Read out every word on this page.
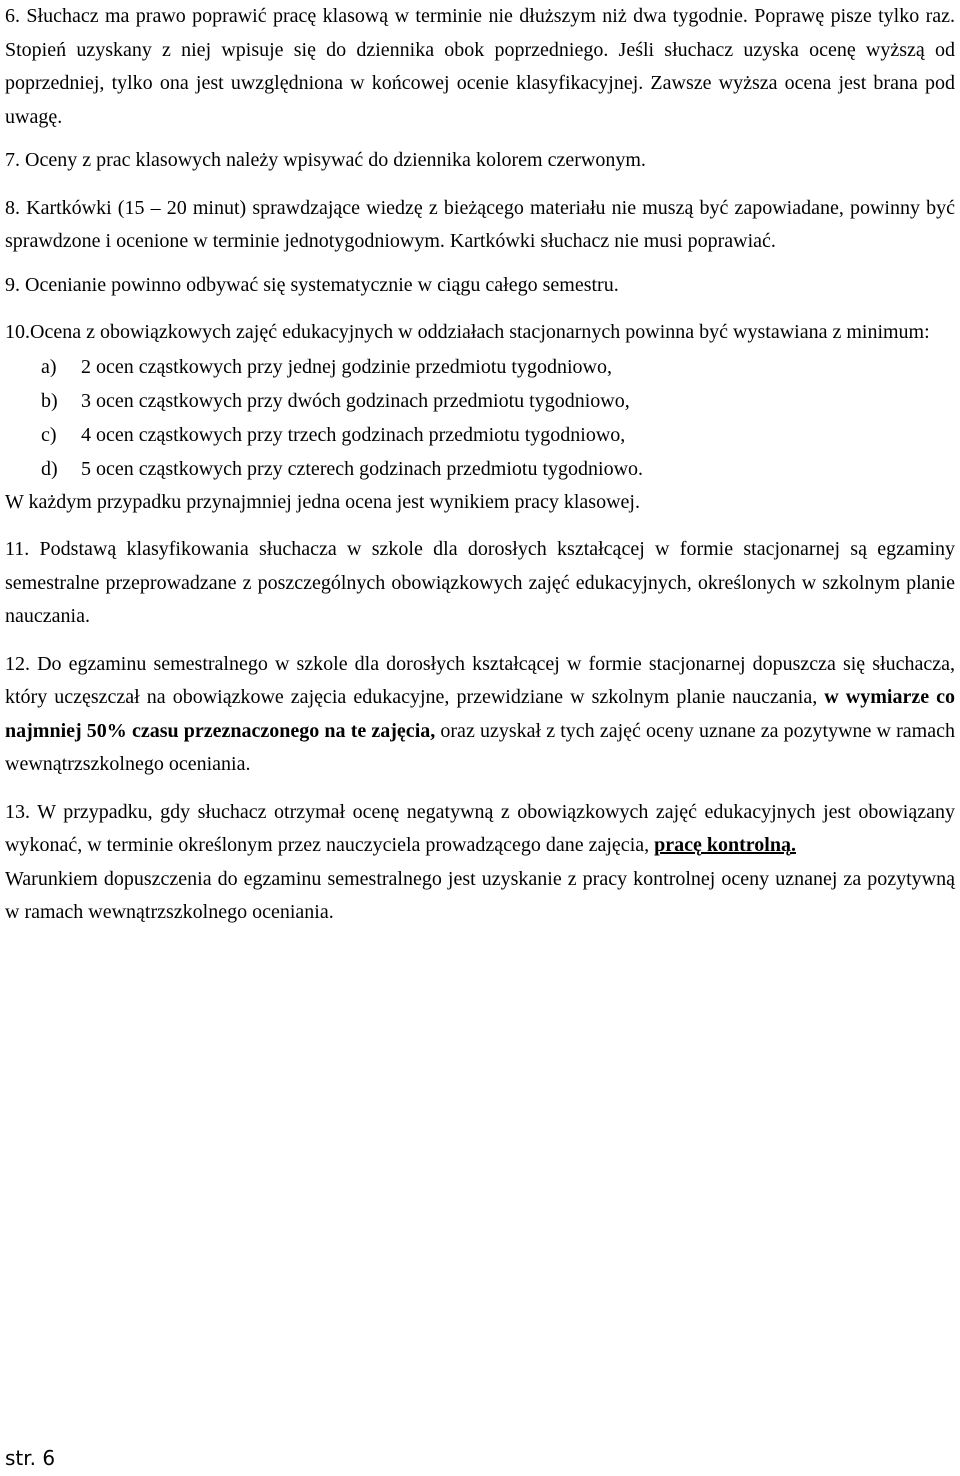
6. Słuchacz ma prawo poprawić pracę klasową w terminie nie dłuższym niż dwa tygodnie. Poprawę pisze tylko raz. Stopień uzyskany z niej wpisuje się do dziennika obok poprzedniego. Jeśli słuchacz uzyska ocenę wyższą od poprzedniej, tylko ona jest uwzględniona w końcowej ocenie klasyfikacyjnej. Zawsze wyższa ocena jest brana pod uwagę.

7. Oceny z prac klasowych należy wpisywać do dziennika kolorem czerwonym.

8. Kartkówki (15 – 20 minut) sprawdzające wiedzę z bieżącego materiału nie muszą być zapowiadane, powinny być sprawdzone i ocenione w terminie jednotygodniowym. Kartkówki słuchacz nie musi poprawiać.

9. Ocenianie powinno odbywać się systematycznie w ciągu całego semestru.

10.Ocena z obowiązkowych zajęć edukacyjnych w oddziałach stacjonarnych powinna być wystawiana z minimum:

a) 2 ocen cząstkowych przy jednej godzinie przedmiotu tygodniowo,
b) 3 ocen cząstkowych przy dwóch godzinach przedmiotu tygodniowo,
c) 4 ocen cząstkowych przy trzech godzinach przedmiotu tygodniowo,
d) 5 ocen cząstkowych przy czterech godzinach przedmiotu tygodniowo.

W każdym przypadku przynajmniej jedna ocena jest wynikiem pracy klasowej.

11. Podstawą klasyfikowania słuchacza w szkole dla dorosłych kształcącej w formie stacjonarnej są egzaminy semestralne przeprowadzane z poszczególnych obowiązkowych zajęć edukacyjnych, określonych w szkolnym planie nauczania.

12. Do egzaminu semestralnego w szkole dla dorosłych kształcącej w formie stacjonarnej dopuszcza się słuchacza, który uczęszczał na obowiązkowe zajęcia edukacyjne, przewidziane w szkolnym planie nauczania, w wymiarze co najmniej 50% czasu przeznaczonego na te zajęcia, oraz uzyskał z tych zajęć oceny uznane za pozytywne w ramach wewnątrzszkolnego oceniania.

13. W przypadku, gdy słuchacz otrzymał ocenę negatywną z obowiązkowych zajęć edukacyjnych jest obowiązany wykonać, w terminie określonym przez nauczyciela prowadzącego dane zajęcia, pracę kontrolną.

Warunkiem dopuszczenia do egzaminu semestralnego jest uzyskanie z pracy kontrolnej oceny uznanej za pozytywną w ramach wewnątrzszkolnego oceniania.

str. 6
